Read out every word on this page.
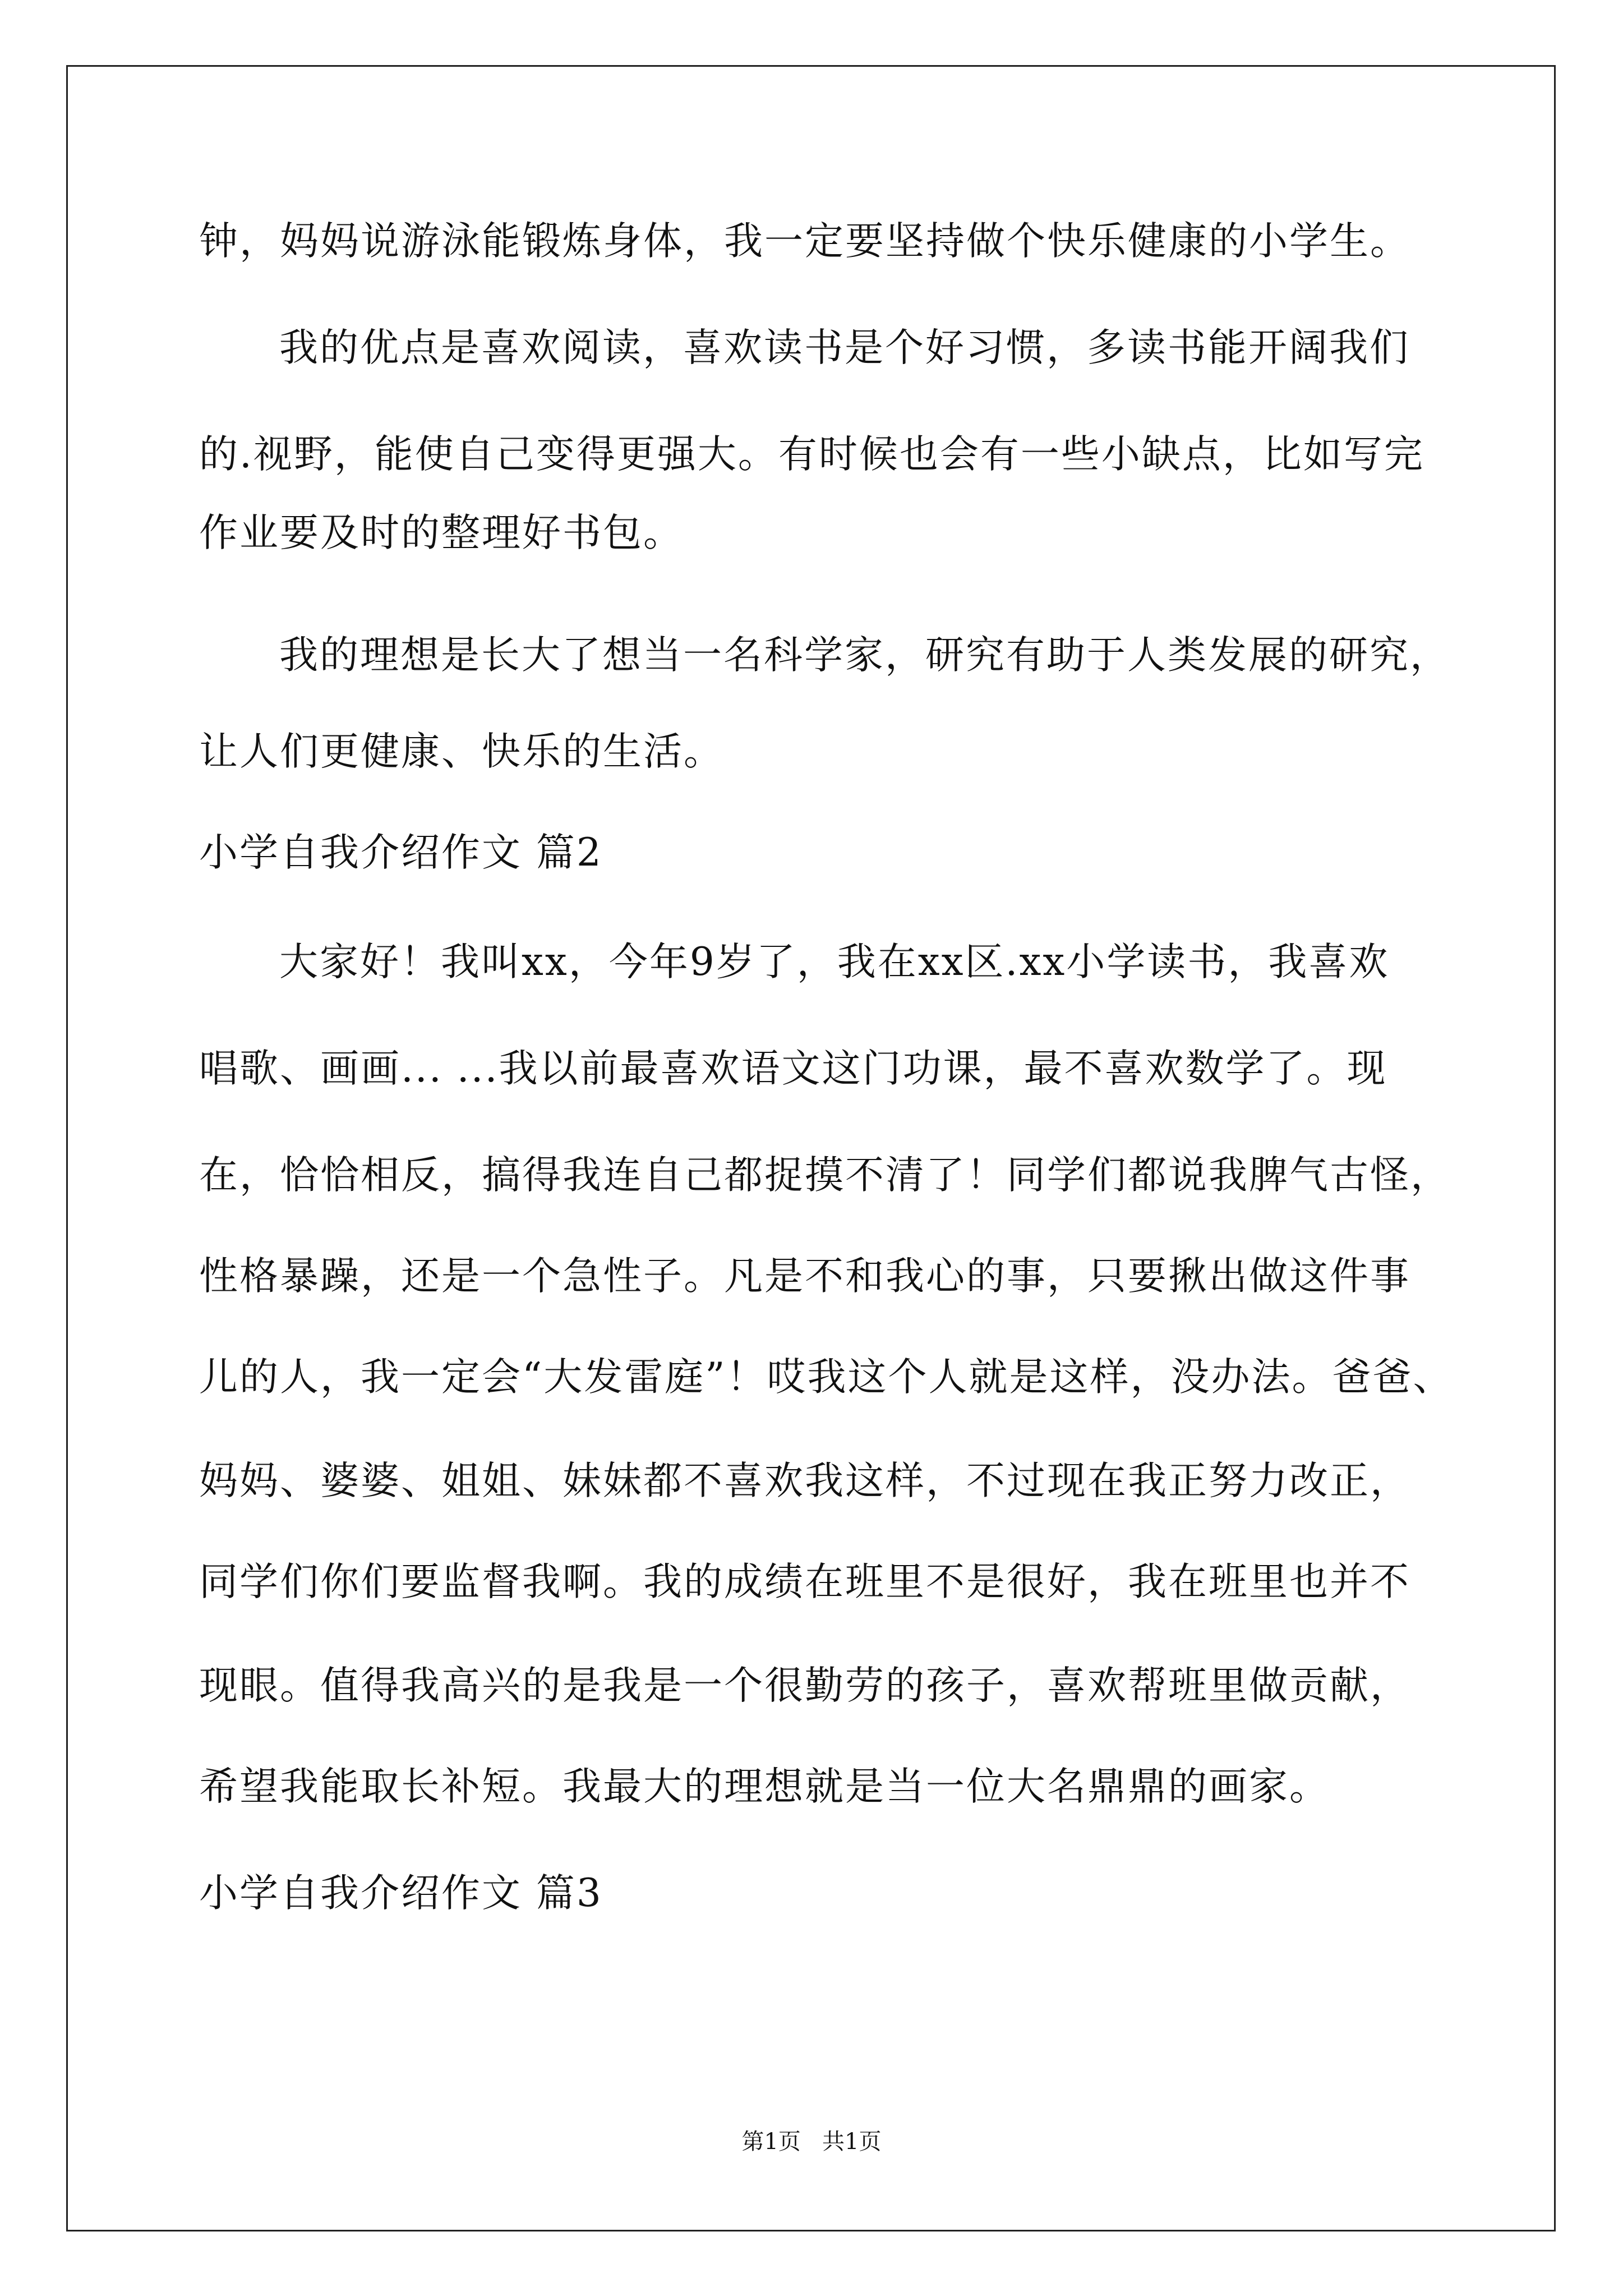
钟，妈妈说游泳能锻炼身体，我一定要坚持做个快乐健康的小学生。

我的优点是喜欢阅读，喜欢读书是个好习惯，多读书能开阔我们

的.视野，能使自己变得更强大。有时候也会有一些小缺点，比如写完

作业要及时的整理好书包。

我的理想是长大了想当一名科学家，研究有助于人类发展的研究，

让人们更健康、快乐的生活。

小学自我介绍作文 篇2

大家好！我叫xx，今年9岁了，我在xx区.xx小学读书，我喜欢

唱歌、画画... ...我以前最喜欢语文这门功课，最不喜欢数学了。现

在，恰恰相反，搞得我连自己都捉摸不清了！同学们都说我脾气古怪，

性格暴躁，还是一个急性子。凡是不和我心的事，只要揪出做这件事

儿的人，我一定会“大发雷庭”！哎我这个人就是这样，没办法。爸爸、

妈妈、婆婆、姐姐、妹妹都不喜欢我这样，不过现在我正努力改正，

同学们你们要监督我啊。我的成绩在班里不是很好，我在班里也并不

现眼。值得我高兴的是我是一个很勤劳的孩子，喜欢帮班里做贡献，

希望我能取长补短。我最大的理想就是当一位大名鼎鼎的画家。

小学自我介绍作文 篇3
第1页   共1页
